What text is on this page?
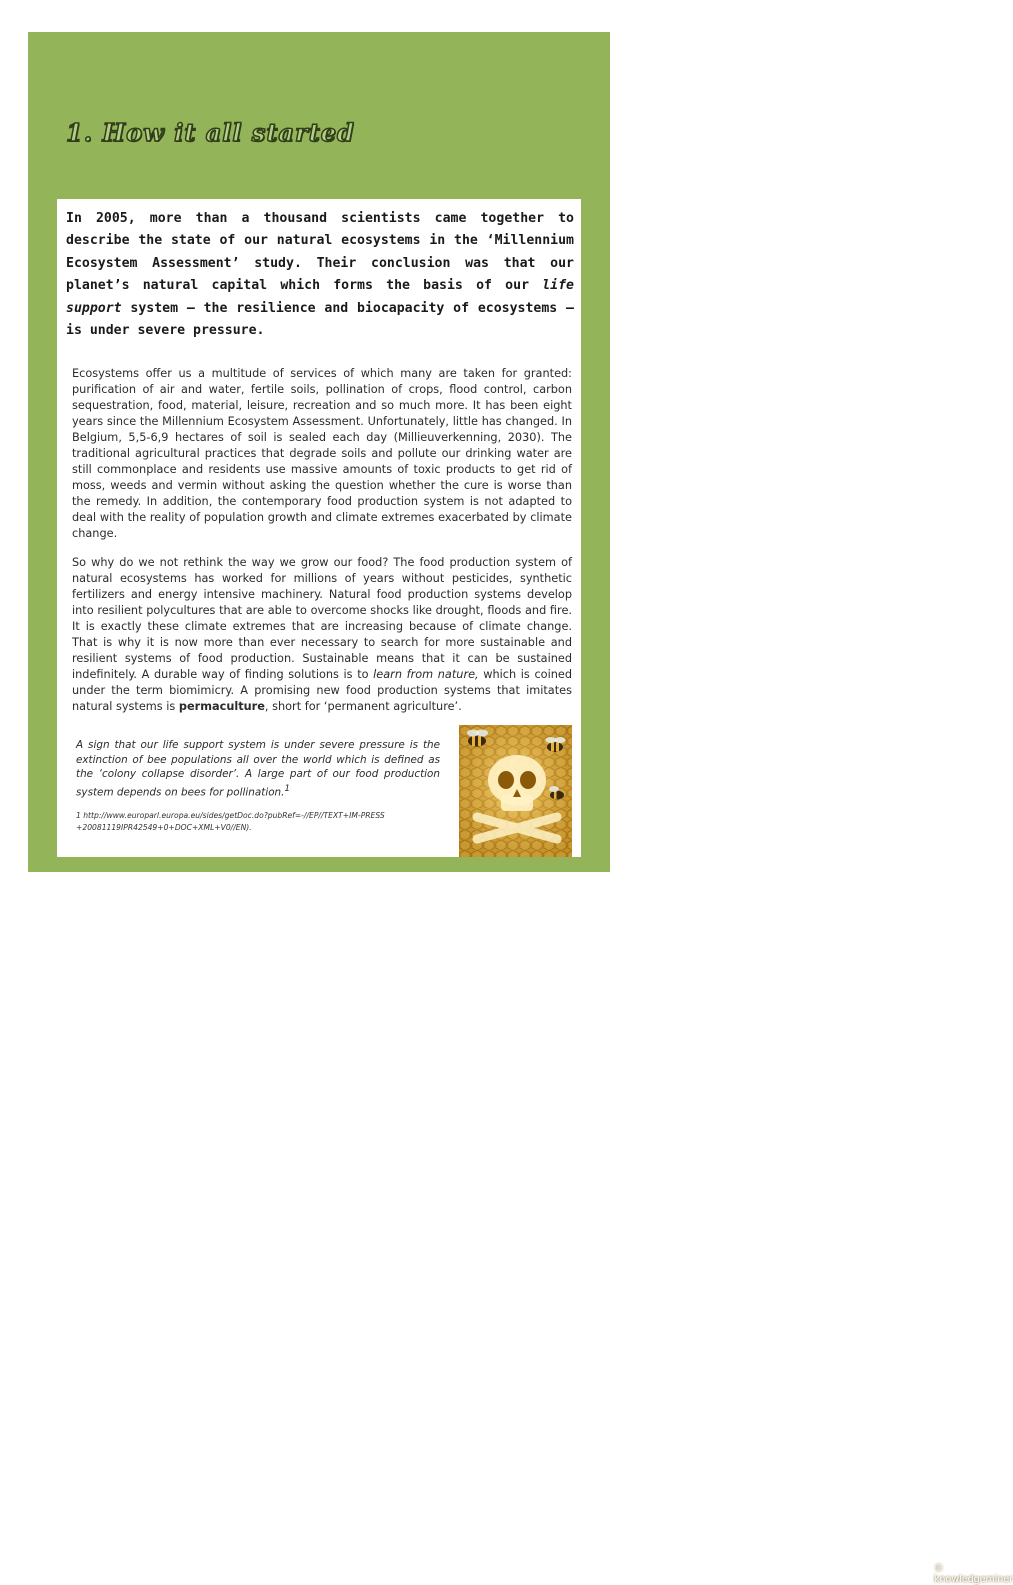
1. How it all started

In 2005, more than a thousand scientists came together to describe the state of our natural ecosystems in the ‘Millennium Ecosystem Assessment’ study. Their conclusion was that our planet’s natural capital which forms the basis of our life support system – the resilience and biocapacity of ecosystems – is under severe pressure.

Ecosystems offer us a multitude of services of which many are taken for granted: purification of air and water, fertile soils, pollination of crops, flood control, carbon sequestration, food, material, leisure, recreation and so much more. It has been eight years since the Millennium Ecosystem Assessment. Unfortunately, little has changed. In Belgium, 5,5-6,9 hectares of soil is sealed each day (Millieuverkenning, 2030). The traditional agricultural practices that degrade soils and pollute our drinking water are still commonplace and residents use massive amounts of toxic products to get rid of moss, weeds and vermin without asking the question whether the cure is worse than the remedy. In addition, the contemporary food production system is not adapted to deal with the reality of population growth and climate extremes exacerbated by climate change.

So why do we not rethink the way we grow our food? The food production system of natural ecosystems has worked for millions of years without pesticides, synthetic fertilizers and energy intensive machinery. Natural food production systems develop into resilient polycultures that are able to overcome shocks like drought, floods and fire. It is exactly these climate extremes that are increasing because of climate change. That is why it is now more than ever necessary to search for more sustainable and resilient systems of food production. Sustainable means that it can be sustained indefinitely. A durable way of finding solutions is to learn from nature, which is coined under the term biomimicry. A promising new food production systems that imitates natural systems is permaculture, short for ‘permanent agriculture’.

A sign that our life support system is under severe pressure is the extinction of bee populations all over the world which is defined as the ‘colony collapse disorder’. A large part of our food production system depends on bees for pollination.$^1$

1 http://www.europarl.europa.eu/sides/getDoc.do?pubRef=-//EP//TEXT+IM-PRESS +20081119IPR42549+0+DOC+XML+V0//EN).

© knowledgeminer
